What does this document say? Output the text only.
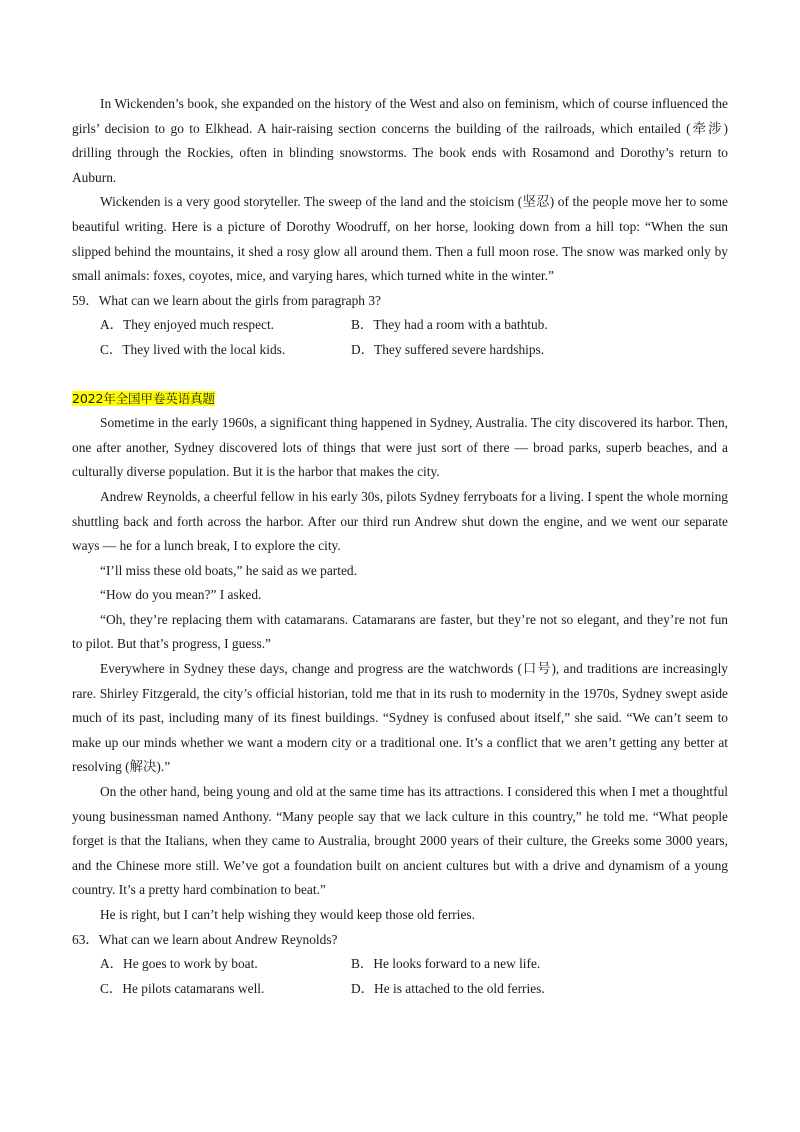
In Wickenden’s book, she expanded on the history of the West and also on feminism, which of course influenced the girls’ decision to go to Elkhead. A hair-raising section concerns the building of the railroads, which entailed (牵涉) drilling through the Rockies, often in blinding snowstorms. The book ends with Rosamond and Dorothy’s return to Auburn.

Wickenden is a very good storyteller. The sweep of the land and the stoicism (坚忍) of the people move her to some beautiful writing. Here is a picture of Dorothy Woodruff, on her horse, looking down from a hill top: “When the sun slipped behind the mountains, it shed a rosy glow all around them. Then a full moon rose. The snow was marked only by small animals: foxes, coyotes, mice, and varying hares, which turned white in the winter.”

59．What can we learn about the girls from paragraph 3?

A．They enjoyed much respect.	B．They had a room with a bathtub.
C．They lived with the local kids.	D．They suffered severe hardships.
2022年全国甲卷英语真题

Sometime in the early 1960s, a significant thing happened in Sydney, Australia. The city discovered its harbor. Then, one after another, Sydney discovered lots of things that were just sort of there — broad parks, superb beaches, and a culturally diverse population. But it is the harbor that makes the city.

Andrew Reynolds, a cheerful fellow in his early 30s, pilots Sydney ferryboats for a living. I spent the whole morning shuttling back and forth across the harbor. After our third run Andrew shut down the engine, and we went our separate ways — he for a lunch break, I to explore the city.

“I’ll miss these old boats,” he said as we parted.

“How do you mean?” I asked.

“Oh, they’re replacing them with catamarans. Catamarans are faster, but they’re not so elegant, and they’re not fun to pilot. But that’s progress, I guess.”

Everywhere in Sydney these days, change and progress are the watchwords (口号), and traditions are increasingly rare. Shirley Fitzgerald, the city’s official historian, told me that in its rush to modernity in the 1970s, Sydney swept aside much of its past, including many of its finest buildings. “Sydney is confused about itself,” she said. “We can’t seem to make up our minds whether we want a modern city or a traditional one. It’s a conflict that we aren’t getting any better at resolving (解决).”

On the other hand, being young and old at the same time has its attractions. I considered this when I met a thoughtful young businessman named Anthony. “Many people say that we lack culture in this country,” he told me. “What people forget is that the Italians, when they came to Australia, brought 2000 years of their culture, the Greeks some 3000 years, and the Chinese more still. We’ve got a foundation built on ancient cultures but with a drive and dynamism of a young country. It’s a pretty hard combination to beat.”

He is right, but I can’t help wishing they would keep those old ferries.

63．What can we learn about Andrew Reynolds?

A．He goes to work by boat.	B．He looks forward to a new life.
C．He pilots catamarans well.	D．He is attached to the old ferries.
